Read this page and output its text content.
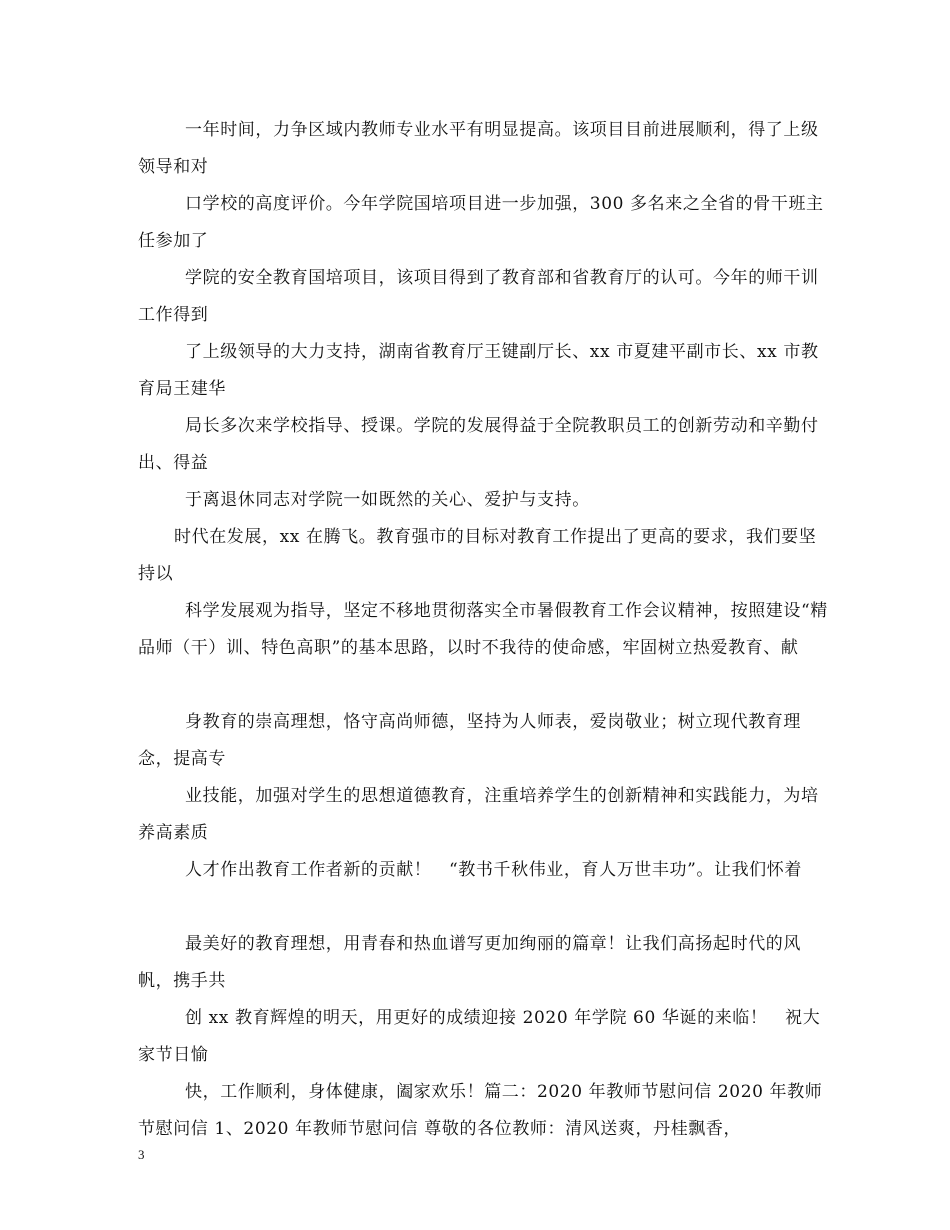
一年时间，力争区域内教师专业水平有明显提高。该项目目前进展顺利，得了上级领导和对

口学校的高度评价。今年学院国培项目进一步加强，300 多名来之全省的骨干班主任参加了

学院的安全教育国培项目，该项目得到了教育部和省教育厅的认可。今年的师干训工作得到

了上级领导的大力支持，湖南省教育厅王键副厅长、xx 市夏建平副市长、xx 市教育局王建华

局长多次来学校指导、授课。学院的发展得益于全院教职员工的创新劳动和辛勤付出、得益

于离退休同志对学院一如既然的关心、爱护与支持。

时代在发展，xx 在腾飞。教育强市的目标对教育工作提出了更高的要求，我们要坚持以

科学发展观为指导，坚定不移地贯彻落实全市暑假教育工作会议精神，按照建设“精品师（干）训、特色高职”的基本思路，以时不我待的使命感，牢固树立热爱教育、献

身教育的崇高理想，恪守高尚师德，坚持为人师表，爱岗敬业；树立现代教育理念，提高专

业技能，加强对学生的思想道德教育，注重培养学生的创新精神和实践能力，为培养高素质

人才作出教育工作者新的贡献！　“教书千秋伟业，育人万世丰功”。让我们怀着

最美好的教育理想，用青春和热血谱写更加绚丽的篇章！让我们高扬起时代的风帆，携手共

创 xx 教育辉煌的明天，用更好的成绩迎接 2020 年学院 60 华诞的来临！　祝大家节日愉

快，工作顺利，身体健康，阖家欢乐！篇二：2020 年教师节慰问信 2020 年教师节慰问信 1、2020 年教师节慰问信 尊敬的各位教师：清风送爽，丹桂飘香，

3
